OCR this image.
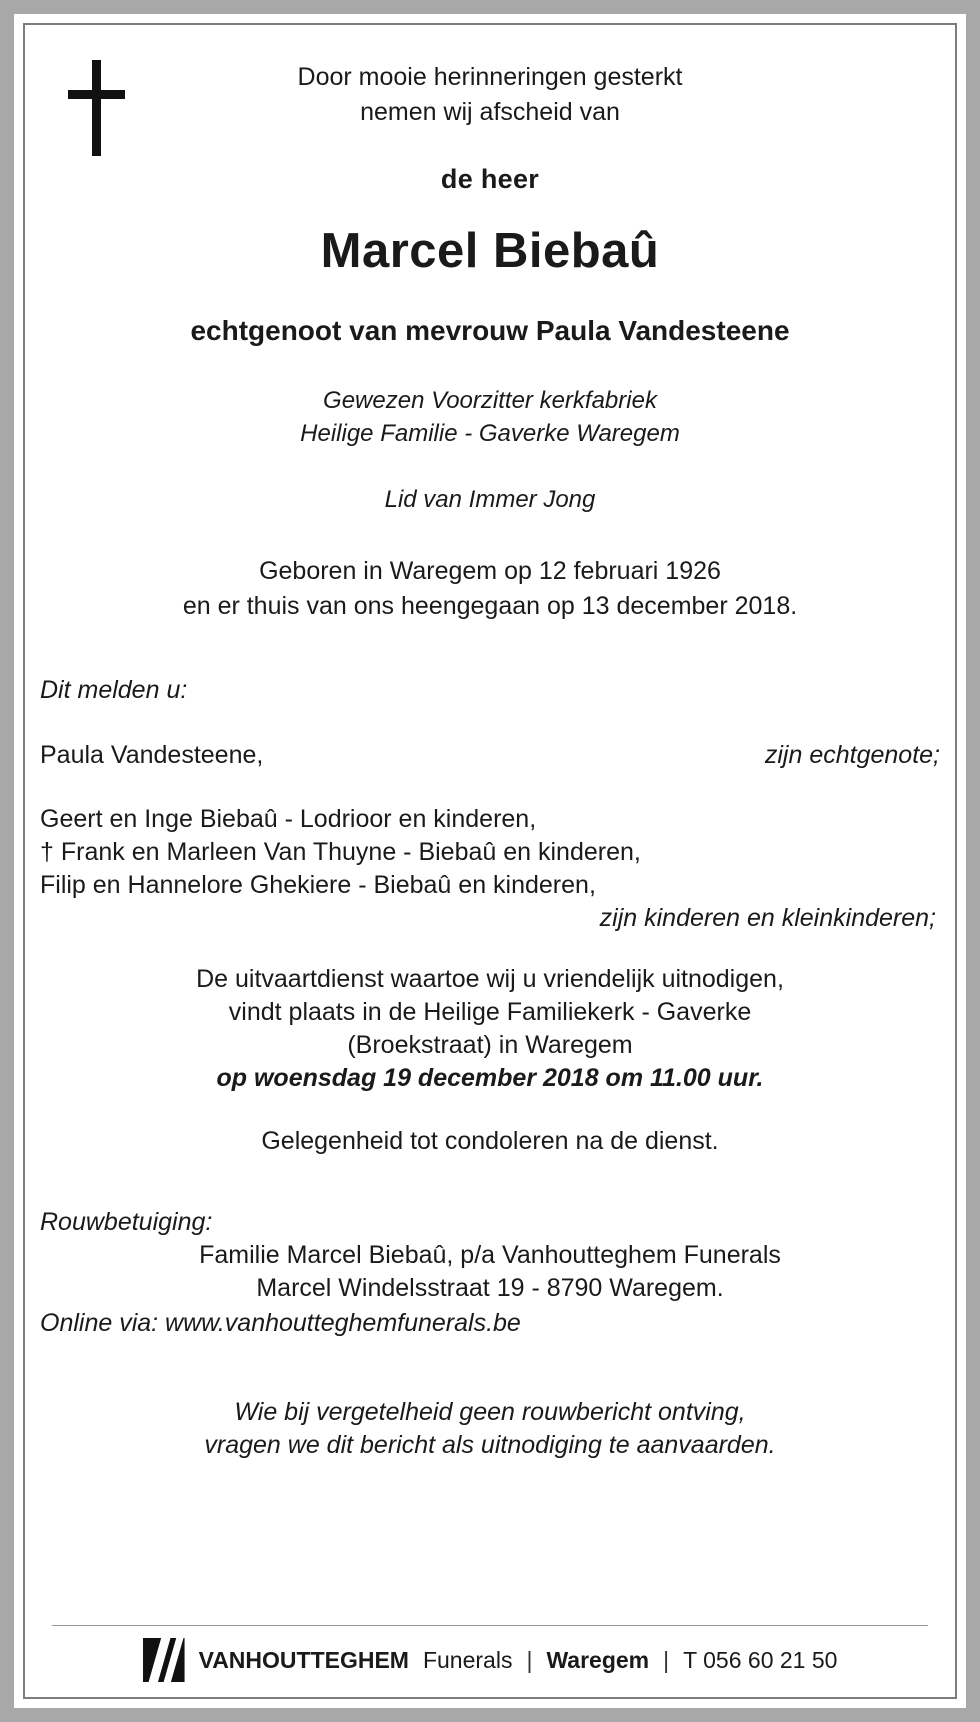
Door mooie herinneringen gesterkt
nemen wij afscheid van
de heer
Marcel Biebaû
echtgenoot van mevrouw Paula Vandesteene
Gewezen Voorzitter kerkfabriek
Heilige Familie - Gaverke Waregem
Lid van Immer Jong
Geboren in Waregem op 12 februari 1926
en er thuis van ons heengegaan op 13 december 2018.
Dit melden u:
Paula Vandesteene,	zijn echtgenote;
Geert en Inge Biebaû - Lodrioor en kinderen,
† Frank en Marleen Van Thuyne - Biebaû en kinderen,
Filip en Hannelore Ghekiere - Biebaû en kinderen,
zijn kinderen en kleinkinderen;
De uitvaartdienst waartoe wij u vriendelijk uitnodigen,
vindt plaats in de Heilige Familiekerk - Gaverke
(Broekstraat) in Waregem
op woensdag 19 december 2018 om 11.00 uur.
Gelegenheid tot condoleren na de dienst.
Rouwbetuiging:
Familie Marcel Biebaû, p/a Vanhoutteghem Funerals
Marcel Windelsstraat 19 - 8790 Waregem.
Online via: www.vanhoutteghemfunerals.be
Wie bij vergetelheid geen rouwbericht ontving,
vragen we dit bericht als uitnodiging te aanvaarden.
VANHOUTTEGHEM Funerals | Waregem | T 056 60 21 50
